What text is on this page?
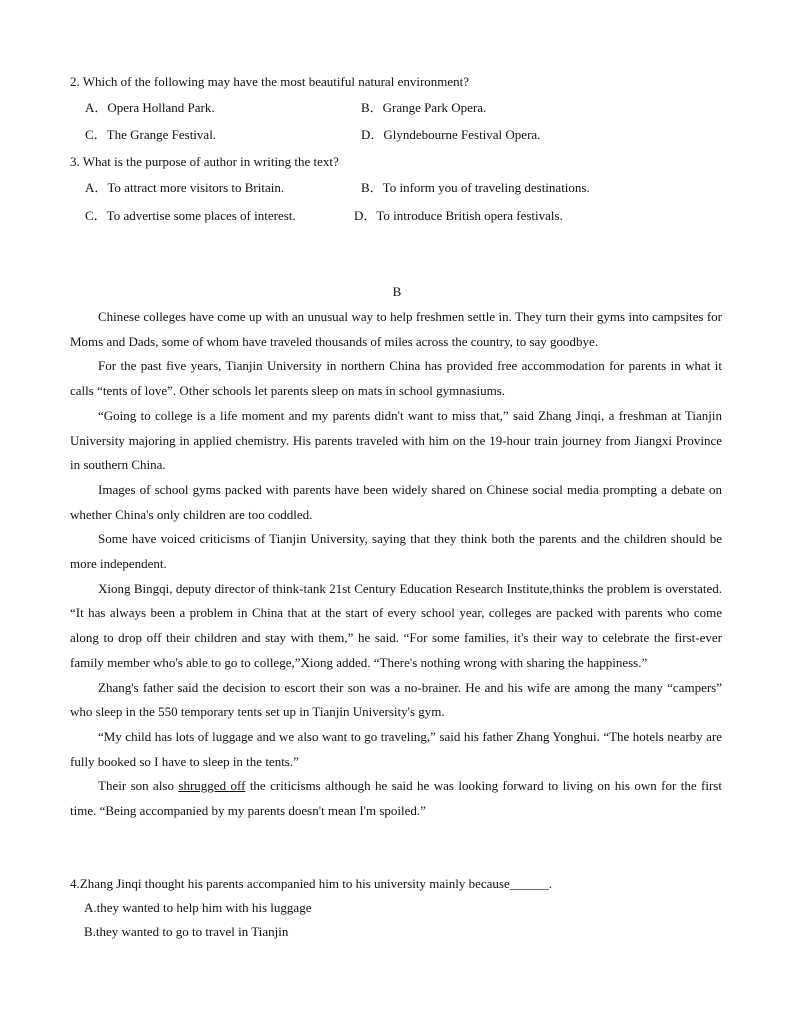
2. Which of the following may have the most beautiful natural environment?
A．Opera Holland Park.	B．Grange Park Opera.
C．The Grange Festival.	D．Glyndebourne Festival Opera.
3. What is the purpose of author in writing the text?
A．To attract more visitors to Britain.	B．To inform you of traveling destinations.
C．To advertise some places of interest.	D．To introduce British opera festivals.
B

Chinese colleges have come up with an unusual way to help freshmen settle in. They turn their gyms into campsites for Moms and Dads, some of whom have traveled thousands of miles across the country, to say goodbye.

For the past five years, Tianjin University in northern China has provided free accommodation for parents in what it calls “tents of love”. Other schools let parents sleep on mats in school gymnasiums.

“Going to college is a life moment and my parents didn't want to miss that,” said Zhang Jinqi, a freshman at Tianjin University majoring in applied chemistry. His parents traveled with him on the 19-hour train journey from Jiangxi Province in southern China.

Images of school gyms packed with parents have been widely shared on Chinese social media prompting a debate on whether China's only children are too coddled.

Some have voiced criticisms of Tianjin University, saying that they think both the parents and the children should be more independent.

Xiong Bingqi, deputy director of think-tank 21st Century Education Research Institute,thinks the problem is overstated. “It has always been a problem in China that at the start of every school year, colleges are packed with parents who come along to drop off their children and stay with them,” he said. “For some families, it's their way to celebrate the first-ever family member who's able to go to college,”Xiong added. “There's nothing wrong with sharing the happiness.”

Zhang's father said the decision to escort their son was a no-brainer. He and his wife are among the many “campers” who sleep in the 550 temporary tents set up in Tianjin University's gym.

“My child has lots of luggage and we also want to go traveling,” said his father Zhang Yonghui. “The hotels nearby are fully booked so I have to sleep in the tents.”

Their son also shrugged off the criticisms although he said he was looking forward to living on his own for the first time. “Being accompanied by my parents doesn't mean I'm spoiled.”

4.Zhang Jinqi thought his parents accompanied him to his university mainly because______.
A.they wanted to help him with his luggage
B.they wanted to go to travel in Tianjin
